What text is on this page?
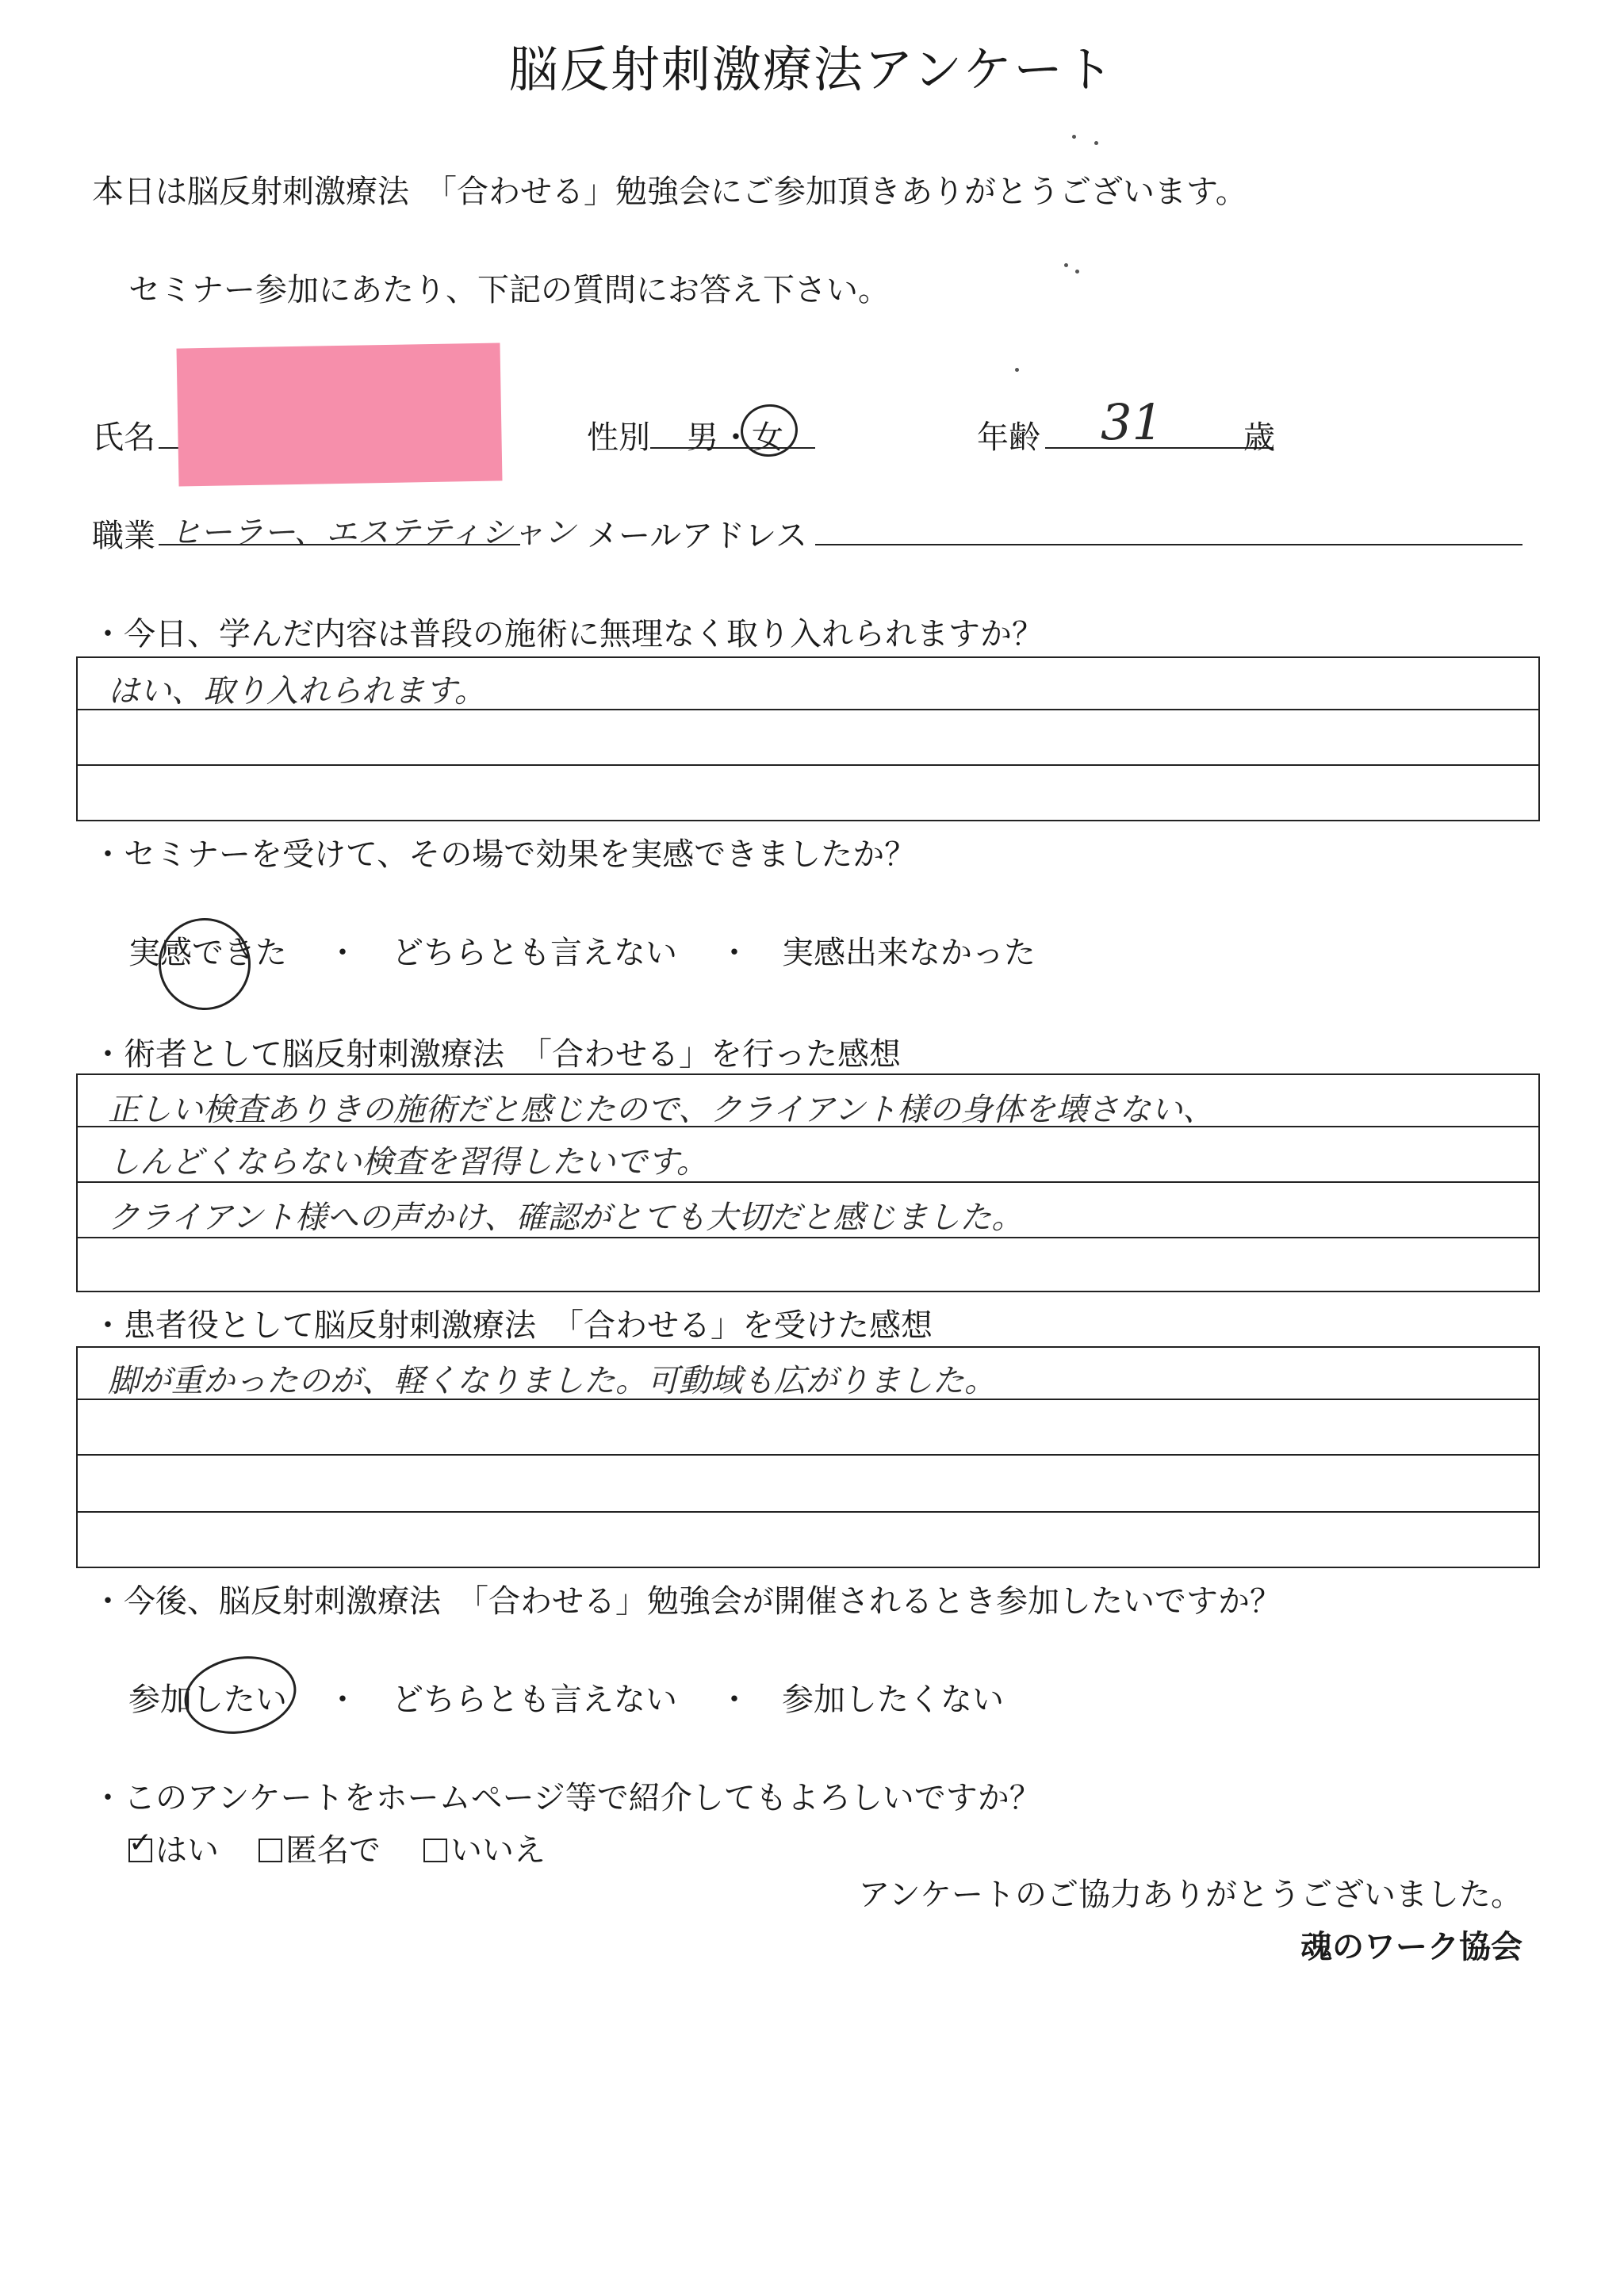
脳反射刺激療法アンケート
本日は脳反射刺激療法　「合わせる」勉強会にご参加頂きありがとうございます。
セミナー参加にあたり、下記の質問にお答え下さい。
氏名	性別 男 ・ 女	年齢 31	歳
職業 ヒーラー、エステティシャン メールアドレス
・今日、学んだ内容は普段の施術に無理なく取り入れられますか？
はい、取り入れられます。
・セミナーを受けて、その場で効果を実感できましたか？
実感できた ・ どちらとも言えない ・ 実感出来なかった
・術者として脳反射刺激療法　「合わせる」を行った感想
正しい検査ありきの施術だと感じたので、クライアント様の身体を壊さない、
しんどくならない検査を習得したいです。
クライアント様への声かけ、確認がとても大切だと感じました。
・患者役として脳反射刺激療法　「合わせる」を受けた感想
脚が重かったのが、軽くなりました。可動域も広がりました。
・今後、脳反射刺激療法　「合わせる」勉強会が開催されるとき参加したいですか？
参加したい ・ どちらとも言えない ・ 参加したくない
・このアンケートをホームページ等で紹介してもよろしいですか？
✓ はい	匿名で	いいえ
アンケートのご協力ありがとうございました。
魂のワーク協会
